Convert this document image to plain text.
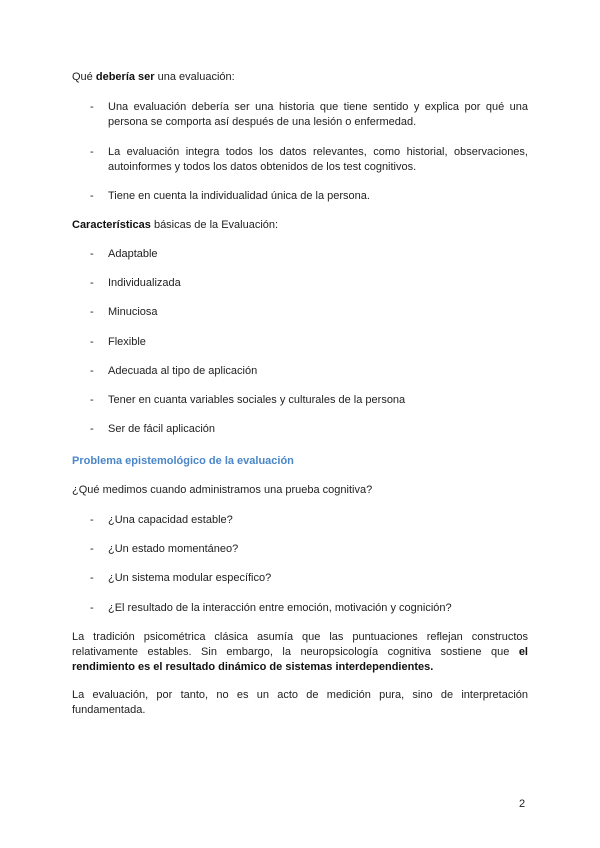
Qué debería ser una evaluación:

- Una evaluación debería ser una historia que tiene sentido y explica por qué una persona se comporta así después de una lesión o enfermedad.
- La evaluación integra todos los datos relevantes, como historial, observaciones, autoinformes y todos los datos obtenidos de los test cognitivos.
- Tiene en cuenta la individualidad única de la persona.

Características básicas de la Evaluación:

- Adaptable
- Individualizada
- Minuciosa
- Flexible
- Adecuada al tipo de aplicación
- Tener en cuanta variables sociales y culturales de la persona
- Ser de fácil aplicación

Problema epistemológico de la evaluación

¿Qué medimos cuando administramos una prueba cognitiva?

- ¿Una capacidad estable?
- ¿Un estado momentáneo?
- ¿Un sistema modular específico?
- ¿El resultado de la interacción entre emoción, motivación y cognición?

La tradición psicométrica clásica asumía que las puntuaciones reflejan constructos relativamente estables. Sin embargo, la neuropsicología cognitiva sostiene que el rendimiento es el resultado dinámico de sistemas interdependientes.

La evaluación, por tanto, no es un acto de medición pura, sino de interpretación fundamentada.

2
